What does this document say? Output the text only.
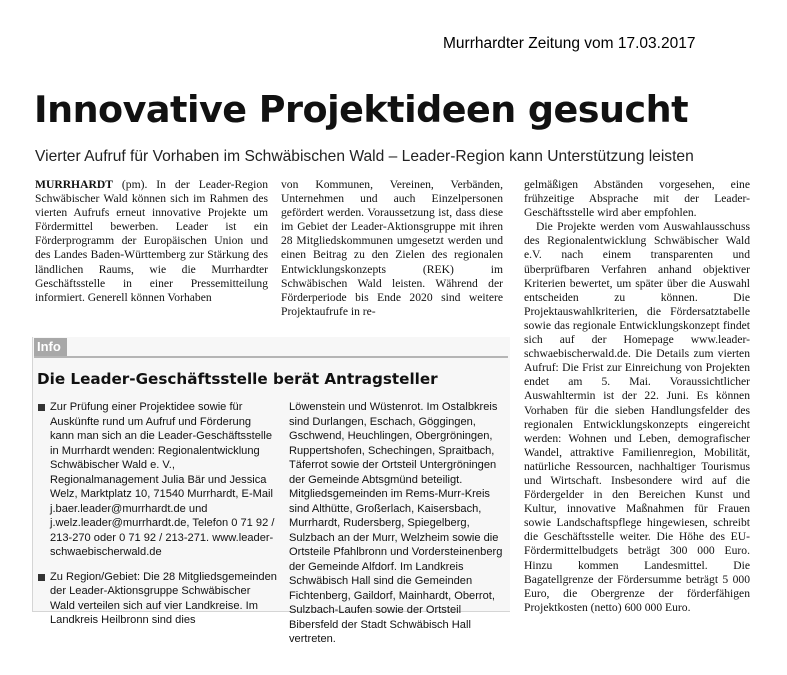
Murrhardter Zeitung vom 17.03.2017
Innovative Projektideen gesucht
Vierter Aufruf für Vorhaben im Schwäbischen Wald – Leader-Region kann Unterstützung leisten

MURRHARDT (pm). In der Leader-Region Schwäbischer Wald können sich im Rahmen des vierten Aufrufs erneut innovative Projekte um Fördermittel bewerben. Leader ist ein Förderprogramm der Europäischen Union und des Landes Baden-Württemberg zur Stärkung des ländlichen Raums, wie die Murrhardter Geschäftsstelle in einer Pressemitteilung informiert. Generell können Vorhaben

von Kommunen, Vereinen, Verbänden, Unternehmen und auch Einzelpersonen gefördert werden. Voraussetzung ist, dass diese im Gebiet der Leader-Aktionsgruppe mit ihren 28 Mitgliedskommunen umgesetzt werden und einen Beitrag zu den Zielen des regionalen Entwicklungskonzepts (REK) im Schwäbischen Wald leisten. Während der Förderperiode bis Ende 2020 sind weitere Projektaufrufe in re-

gelmäßigen Abständen vorgesehen, eine frühzeitige Absprache mit der Leader-Geschäftsstelle wird aber empfohlen.

Die Projekte werden vom Auswahlausschuss des Regionalentwicklung Schwäbischer Wald e.V. nach einem transparenten und überprüfbaren Verfahren anhand objektiver Kriterien bewertet, um später über die Auswahl entscheiden zu können. Die Projektauswahlkriterien, die Fördersatztabelle sowie das regionale Entwicklungskonzept findet sich auf der Homepage www.leader-schwaebischerwald.de. Die Details zum vierten Aufruf: Die Frist zur Einreichung von Projekten endet am 5. Mai. Voraussichtlicher Auswahltermin ist der 22. Juni. Es können Vorhaben für die sieben Handlungsfelder des regionalen Entwicklungskonzepts eingereicht werden: Wohnen und Leben, demografischer Wandel, attraktive Familienregion, Mobilität, natürliche Ressourcen, nachhaltiger Tourismus und Wirtschaft. Insbesondere wird auf die Fördergelder in den Bereichen Kunst und Kultur, innovative Maßnahmen für Frauen sowie Landschaftspflege hingewiesen, schreibt die Geschäftsstelle weiter. Die Höhe des EU-Fördermittelbudgets beträgt 300 000 Euro. Hinzu kommen Landesmittel. Die Bagatellgrenze der Fördersumme beträgt 5 000 Euro, die Obergrenze der förderfähigen Projektkosten (netto) 600 000 Euro.

Info
Die Leader-Geschäftsstelle berät Antragsteller

Zur Prüfung einer Projektidee sowie für Auskünfte rund um Aufruf und Förderung kann man sich an die Leader-Geschäftsstelle in Murrhardt wenden: Regionalentwicklung Schwäbischer Wald e. V., Regionalmanagement Julia Bär und Jessica Welz, Marktplatz 10, 71540 Murrhardt, E-Mail j.baer.leader@murrhardt.de und j.welz.leader@murrhardt.de, Telefon 0 71 92 / 213-270 oder 0 71 92 / 213-271. www.leader-schwaebischerwald.de

Zu Region/Gebiet: Die 28 Mitgliedsgemeinden der Leader-Aktionsgruppe Schwäbischer Wald verteilen sich auf vier Landkreise. Im Landkreis Heilbronn sind dies

Löwenstein und Wüstenrot. Im Ostalbkreis sind Durlangen, Eschach, Göggingen, Gschwend, Heuchlingen, Obergröningen, Ruppertshofen, Schechingen, Spraitbach, Täferrot sowie der Ortsteil Untergröningen der Gemeinde Abtsgmünd beteiligt. Mitgliedsgemeinden im Rems-Murr-Kreis sind Althütte, Großerlach, Kaisersbach, Murrhardt, Rudersberg, Spiegelberg, Sulzbach an der Murr, Welzheim sowie die Ortsteile Pfahlbronn und Vordersteinenberg der Gemeinde Alfdorf. Im Landkreis Schwäbisch Hall sind die Gemeinden Fichtenberg, Gaildorf, Mainhardt, Oberrot, Sulzbach-Laufen sowie der Ortsteil Bibersfeld der Stadt Schwäbisch Hall vertreten.
